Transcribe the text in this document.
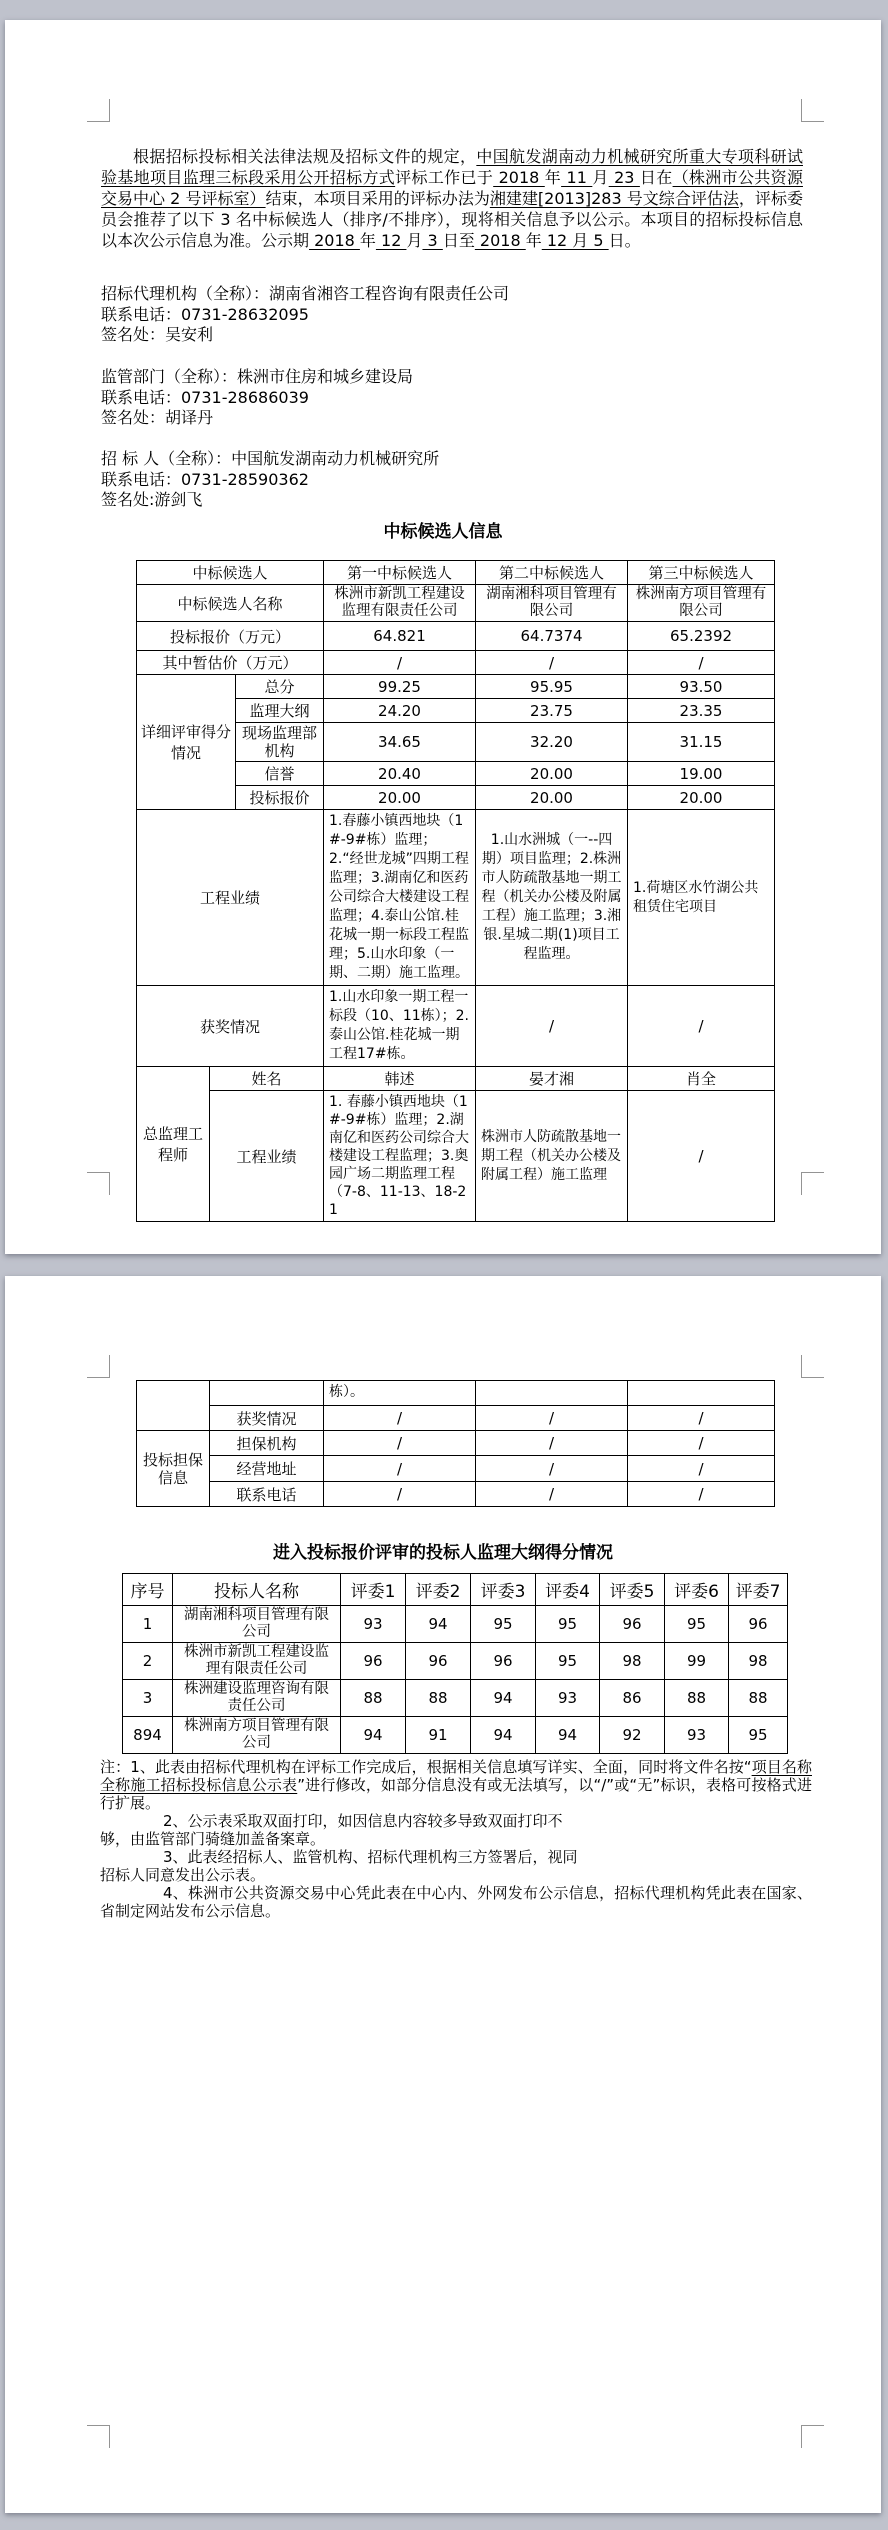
根据招标投标相关法律法规及招标文件的规定，中国航发湖南动力机械研究所重大专项科研试验基地项目监理三标段采用公开招标方式评标工作已于 2018 年 11 月 23 日在（株洲市公共资源交易中心 2 号评标室）结束，本项目采用的评标办法为湘建建[2013]283 号文综合评估法，评标委员会推荐了以下 3 名中标候选人（排序/不排序），现将相关信息予以公示。本项目的招标投标信息以本次公示信息为准。公示期 2018 年 12 月 3 日至 2018 年 12 月 5 日。
招标代理机构（全称）：湖南省湘咨工程咨询有限责任公司
联系电话：0731-28632095
签名处：吴安利
监管部门（全称）：株洲市住房和城乡建设局
联系电话：0731-28686039
签名处：胡译丹
招 标 人（全称）：中国航发湖南动力机械研究所
联系电话：0731-28590362
签名处:游剑飞
中标候选人信息
中标候选人			第一中标候选人	第二中标候选人	第三中标候选人
中标候选人名称			株洲市新凯工程建设监理有限责任公司	湖南湘科项目管理有限公司	株洲南方项目管理有限公司
投标报价（万元）			64.821	64.7374	65.2392
其中暂估价（万元）			/	/	/
详细评审得分情况		总分	99.25	95.95	93.50
		监理大纲	24.20	23.75	23.35
		现场监理部机构	34.65	32.20	31.15
		信誉	20.40	20.00	19.00
		投标报价	20.00	20.00	20.00
工程业绩			1.春藤小镇西地块（1#-9#栋）监理；2.“经世龙城”四期工程监理；3.湖南亿和医药公司综合大楼建设工程监理；4.泰山公馆.桂花城一期一标段工程监理；5.山水印象（一期、二期）施工监理。	1.山水洲城（一--四期）项目监理；2.株洲市人防疏散基地一期工程（机关办公楼及附属工程）施工监理；3.湘银.星城二期(1)项目工程监理。	1.荷塘区水竹湖公共租赁住宅项目
获奖情况			1.山水印象一期工程一标段（10、11栋）；2.泰山公馆.桂花城一期工程17#栋。	/	/
总监理工程师	姓名		韩述	晏才湘	肖全
	工程业绩		1. 春藤小镇西地块（1#-9#栋）监理；2.湖南亿和医药公司综合大楼建设工程监理；3.奥园广场二期监理工程（7-8、11-13、18-21	株洲市人防疏散基地一期工程（机关办公楼及附属工程）施工监理	/
		栋）。		
	获奖情况	/	/	/
投标担保信息	担保机构	/	/	/
	经营地址	/	/	/
	联系电话	/	/	/
进入投标报价评审的投标人监理大纲得分情况
序号	投标人名称	评委1	评委2	评委3	评委4	评委5	评委6	评委7
1	湖南湘科项目管理有限公司	93	94	95	95	96	95	96
2	株洲市新凯工程建设监理有限责任公司	96	96	96	95	98	99	98
3	株洲建设监理咨询有限责任公司	88	88	94	93	86	88	88
894	株洲南方项目管理有限公司	94	91	94	94	92	93	95

注：1、此表由招标代理机构在评标工作完成后，根据相关信息填写详实、全面，同时将文件名按“项目名称全称施工招标投标信息公示表”进行修改，如部分信息没有或无法填写，以“/”或“无”标识，表格可按格式进行扩展。

2、公示表采取双面打印，如因信息内容较多导致双面打印不

够，由监管部门骑缝加盖备案章。

3、此表经招标人、监管机构、招标代理机构三方签署后，视同

招标人同意发出公示表。

4、株洲市公共资源交易中心凭此表在中心内、外网发布公示信息，招标代理机构凭此表在国家、省制定网站发布公示信息。
